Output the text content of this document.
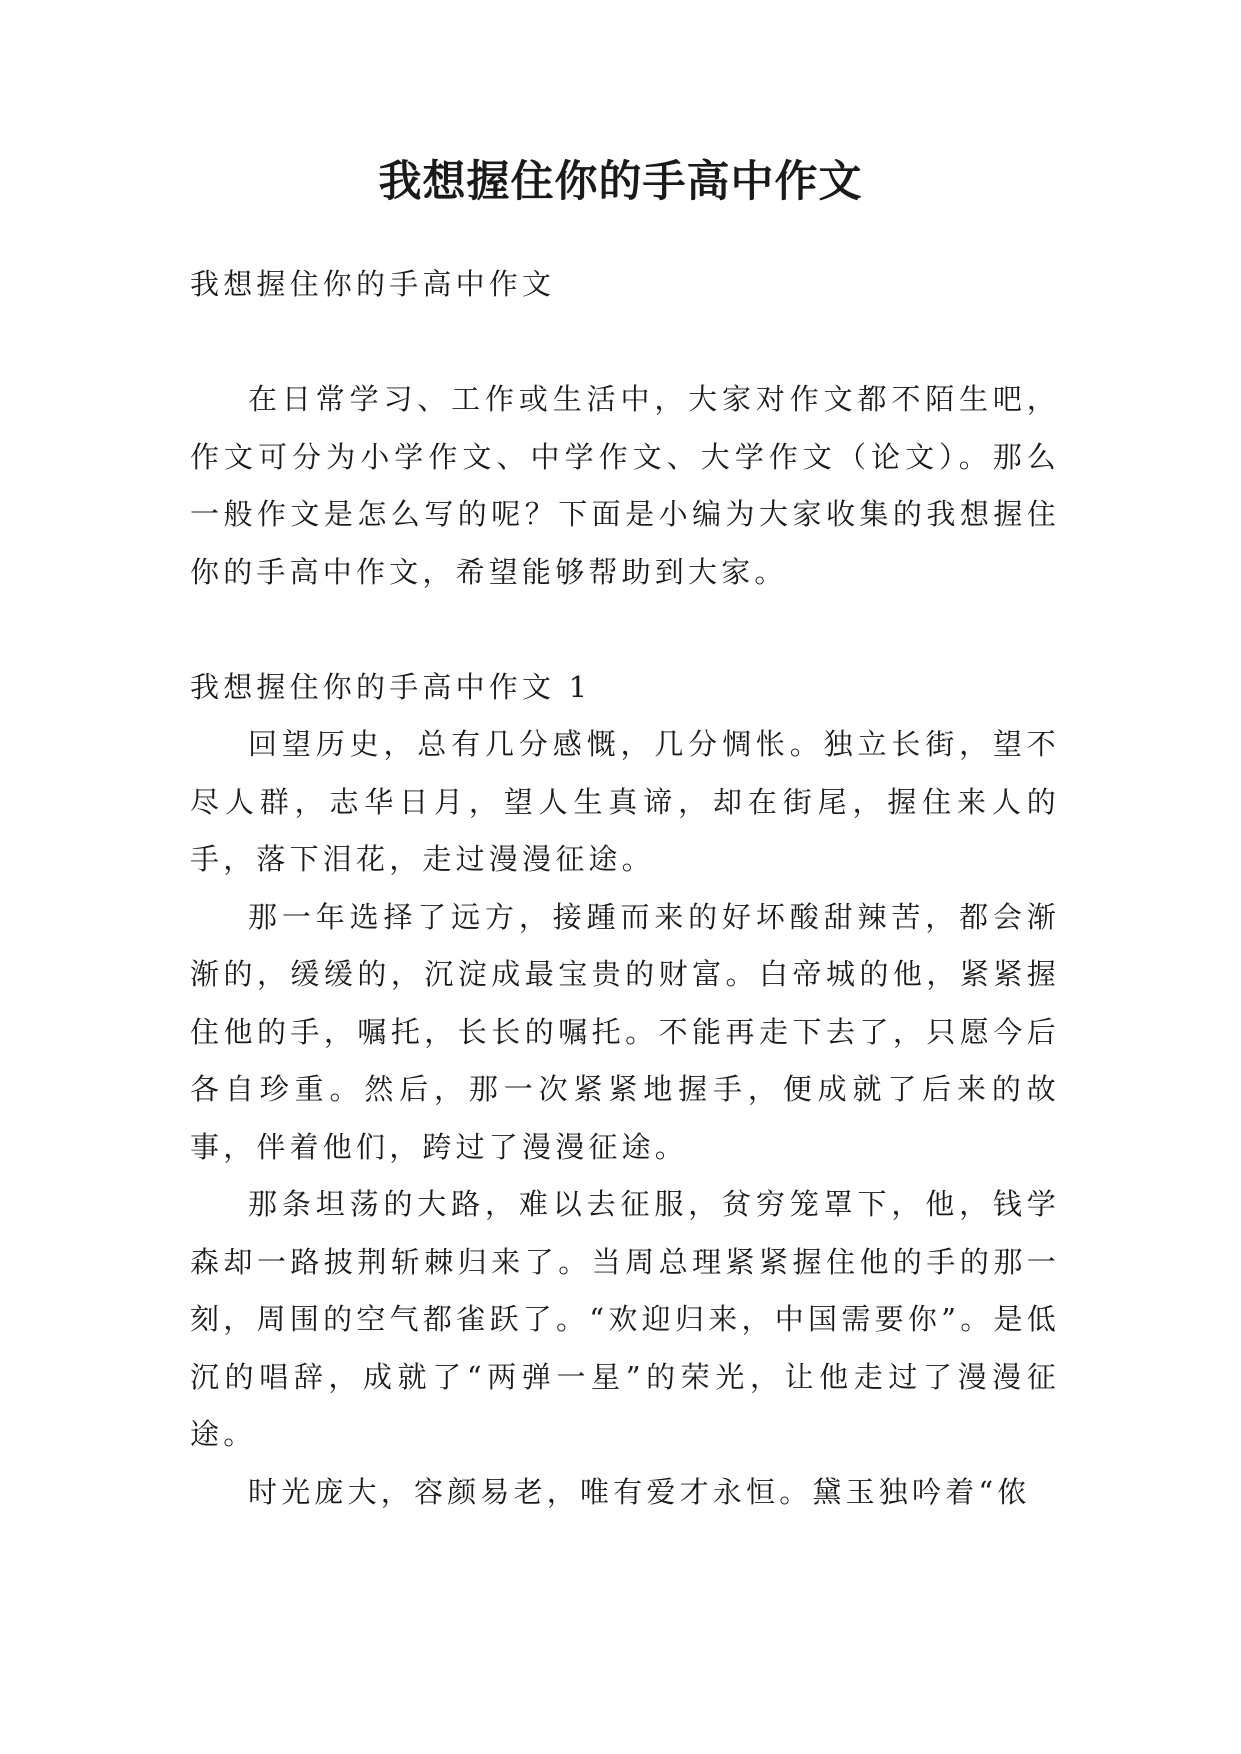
我想握住你的手高中作文

我想握住你的手高中作文

在日常学习、工作或生活中，大家对作文都不陌生吧，作文可分为小学作文、中学作文、大学作文（论文）。那么一般作文是怎么写的呢？下面是小编为大家收集的我想握住你的手高中作文，希望能够帮助到大家。

我想握住你的手高中作文 1

回望历史，总有几分感慨，几分惆怅。独立长街，望不尽人群，志华日月，望人生真谛，却在街尾，握住来人的手，落下泪花，走过漫漫征途。

那一年选择了远方，接踵而来的好坏酸甜辣苦，都会渐渐的，缓缓的，沉淀成最宝贵的财富。白帝城的他，紧紧握住他的手，嘱托，长长的嘱托。不能再走下去了，只愿今后各自珍重。然后，那一次紧紧地握手，便成就了后来的故事，伴着他们，跨过了漫漫征途。

那条坦荡的大路，难以去征服，贫穷笼罩下，他，钱学森却一路披荆斩棘归来了。当周总理紧紧握住他的手的那一刻，周围的空气都雀跃了。“欢迎归来，中国需要你”。是低沉的唱辞，成就了“两弹一星”的荣光，让他走过了漫漫征途。

时光庞大，容颜易老，唯有爱才永恒。黛玉独吟着“侬
